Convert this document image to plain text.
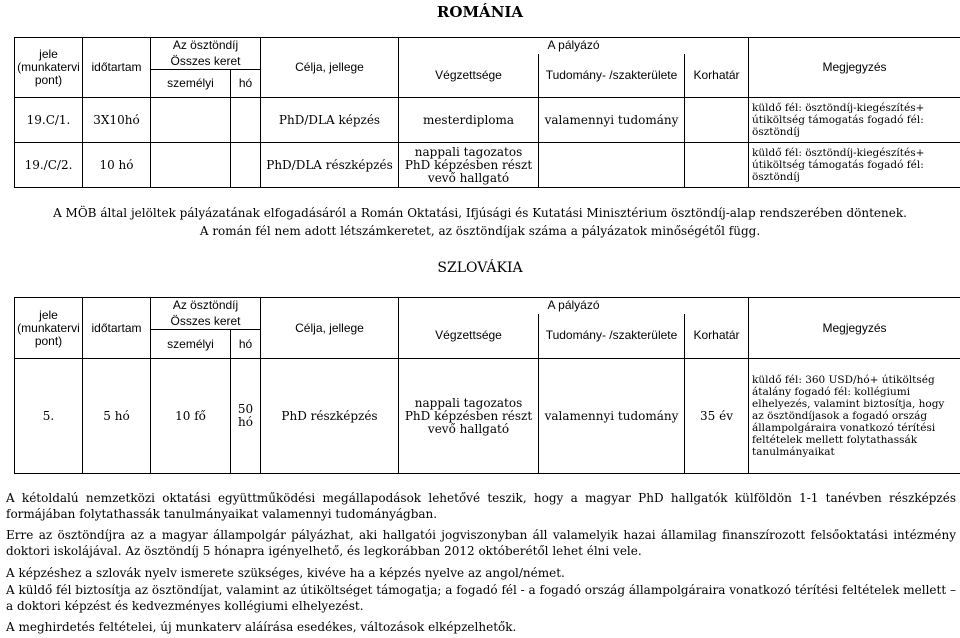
ROMÁNIA
jele (munkatervi pont)	időtartam	Az ösztöndíj		Célja, jellege	A pályázó			Megjegyzés
		Összes keret			Végzettsége	Tudomány- /szakterülete	Korhatár	
		személyi	hó					
19.C/1.	3X10hó			PhD/DLA képzés	mesterdiploma	valamennyi tudomány		küldő fél: ösztöndíj-kiegészítés+ útiköltség támogatás fogadó fél: ösztöndíj
19./C/2.	10 hó			PhD/DLA részképzés	nappali tagozatos PhD képzésben részt vevő hallgató			küldő fél: ösztöndíj-kiegészítés+ útiköltség támogatás fogadó fél: ösztöndíj
A MÖB által jelöltek pályázatának elfogadásáról a Román Oktatási, Ifjúsági és Kutatási Minisztérium ösztöndíj-alap rendszerében döntenek.
A román fél nem adott létszámkeretet, az ösztöndíjak száma a pályázatok minőségétől függ.
SZLOVÁKIA
jele (munkatervi pont)	időtartam	Az ösztöndíj		Célja, jellege	A pályázó			Megjegyzés
		Összes keret			Végzettsége	Tudomány- /szakterülete	Korhatár	
		személyi	hó					
5.	5 hó	10 fő	50 hó	PhD részképzés	nappali tagozatos PhD képzésben részt vevő hallgató	valamennyi tudomány	35 év	küldő fél: 360 USD/hó+ útiköltség átalány fogadó fél: kollégiumi elhelyezés, valamint biztosítja, hogy az ösztöndíjasok a fogadó ország állampolgáraira vonatkozó térítési feltételek mellett folytathassák tanulmányaikat
A kétoldalú nemzetközi oktatási együttműködési megállapodások lehetővé teszik, hogy a magyar PhD hallgatók külföldön 1-1 tanévben részképzés formájában folytathassák tanulmányaikat valamennyi tudományágban.
Erre az ösztöndíjra az a magyar állampolgár pályázhat, aki hallgatói jogviszonyban áll valamelyik hazai államilag finanszírozott felsőoktatási intézmény doktori iskolájával. Az ösztöndíj 5 hónapra igényelhető, és legkorábban 2012 októberétől lehet élni vele.
A képzéshez a szlovák nyelv ismerete szükséges, kivéve ha a képzés nyelve az angol/német.
A küldő fél biztosítja az ösztöndíjat, valamint az útiköltséget támogatja; a fogadó fél - a fogadó ország állampolgáraira vonatkozó térítési feltételek mellett – a doktori képzést és kedvezményes kollégiumi elhelyezést.
A meghirdetés feltételei, új munkaterv aláírása esedékes, változások elképzelhetők.
